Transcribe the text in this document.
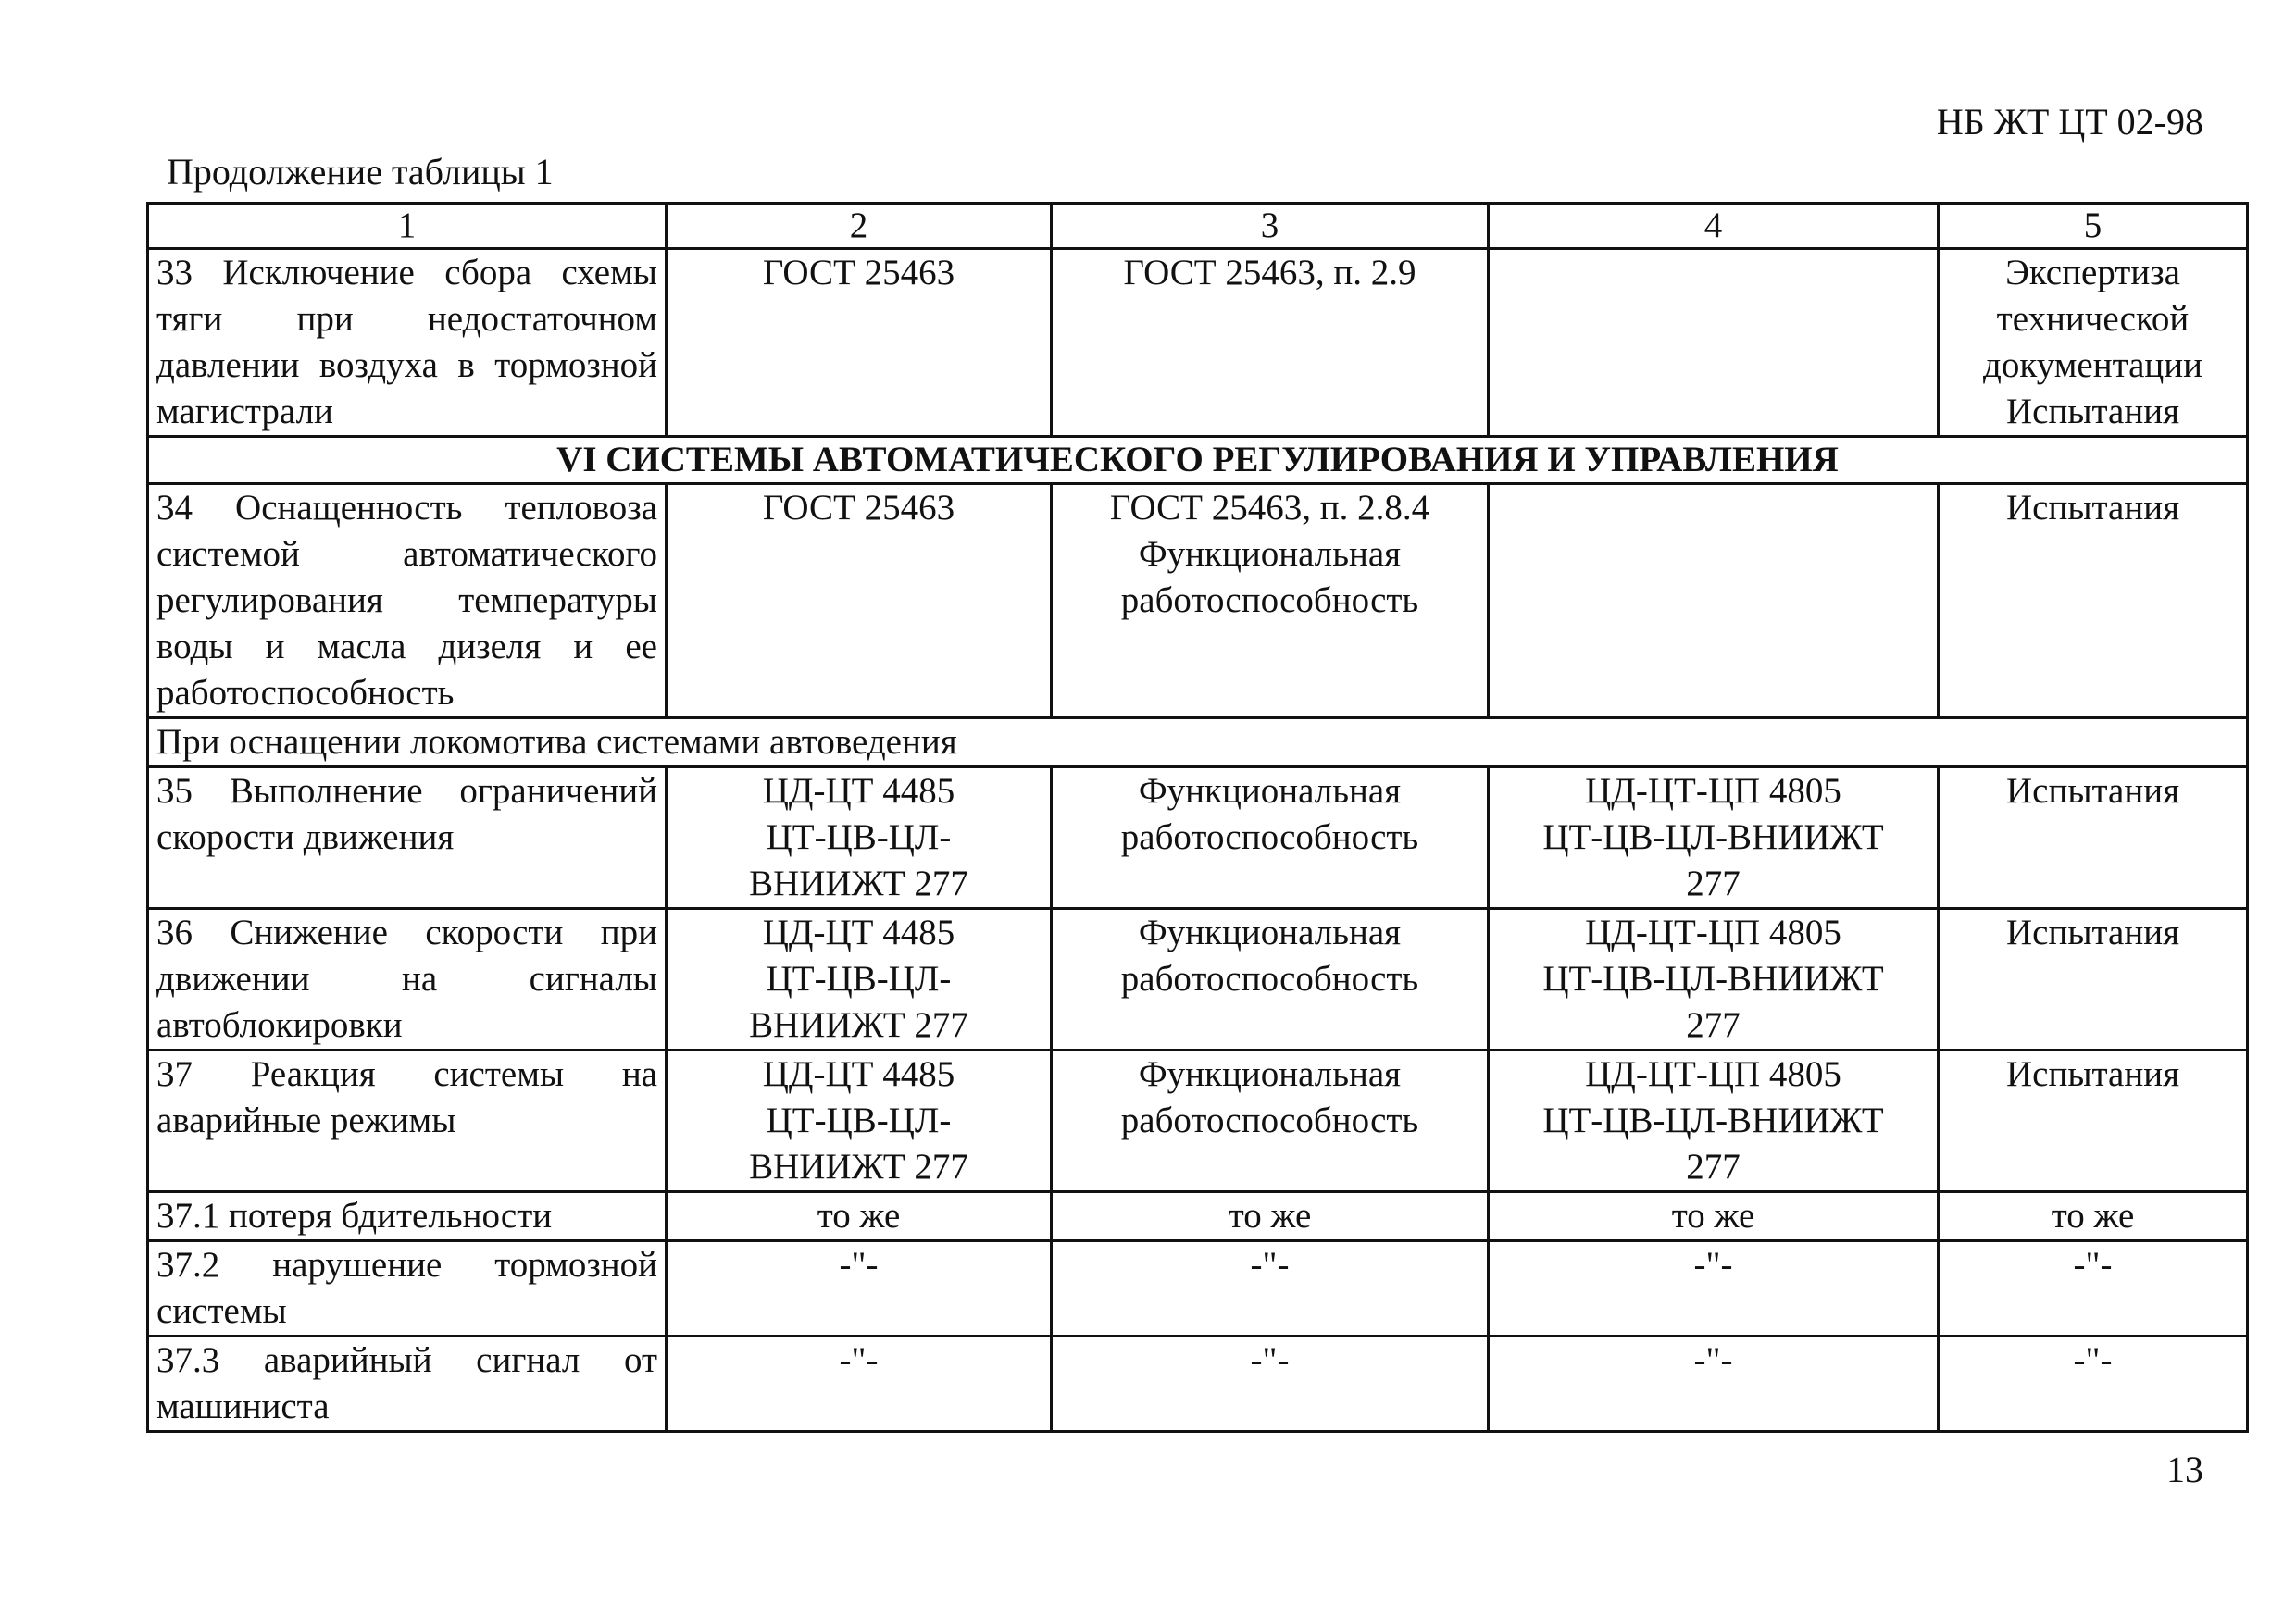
НБ ЖТ ЦТ 02-98
Продолжение таблицы 1
1	2	3	4	5
33 Исключение сбора схемы тяги при недостаточном давлении воздуха в тормозной магистрали	ГОСТ 25463	ГОСТ 25463, п. 2.9		Экспертиза
технической
документации
Испытания

VI СИСТЕМЫ АВТОМАТИЧЕСКОГО РЕГУЛИРОВАНИЯ И УПРАВЛЕНИЯ				
34 Оснащенность тепловоза системой автоматического регулирования температуры воды и масла дизеля и ее работоспособность	ГОСТ 25463	ГОСТ 25463, п. 2.8.4
Функциональная
работоспособность		Испытания
При оснащении локомотива системами автоведения				
35 Выполнение ограничений скорости движения	ЦД-ЦТ 4485
ЦТ-ЦВ-ЦЛ-
ВНИИЖТ 277	Функциональная
работоспособность	ЦД-ЦТ-ЦП 4805
ЦТ-ЦВ-ЦЛ-ВНИИЖТ
277	Испытания
36 Снижение скорости при движении на сигналы автоблокировки	ЦД-ЦТ 4485
ЦТ-ЦВ-ЦЛ-
ВНИИЖТ 277	Функциональная
работоспособность	ЦД-ЦТ-ЦП 4805
ЦТ-ЦВ-ЦЛ-ВНИИЖТ
277	Испытания
37 Реакция системы на аварийные режимы	ЦД-ЦТ 4485
ЦТ-ЦВ-ЦЛ-
ВНИИЖТ 277	Функциональная
работоспособность	ЦД-ЦТ-ЦП 4805
ЦТ-ЦВ-ЦЛ-ВНИИЖТ
277	Испытания
37.1 потеря бдительности	то же	то же	то же	то же
37.2 нарушение тормозной системы	-"-	-"-	-"-	-"-
37.3 аварийный сигнал от машиниста	-"-	-"-	-"-	-"-
13
